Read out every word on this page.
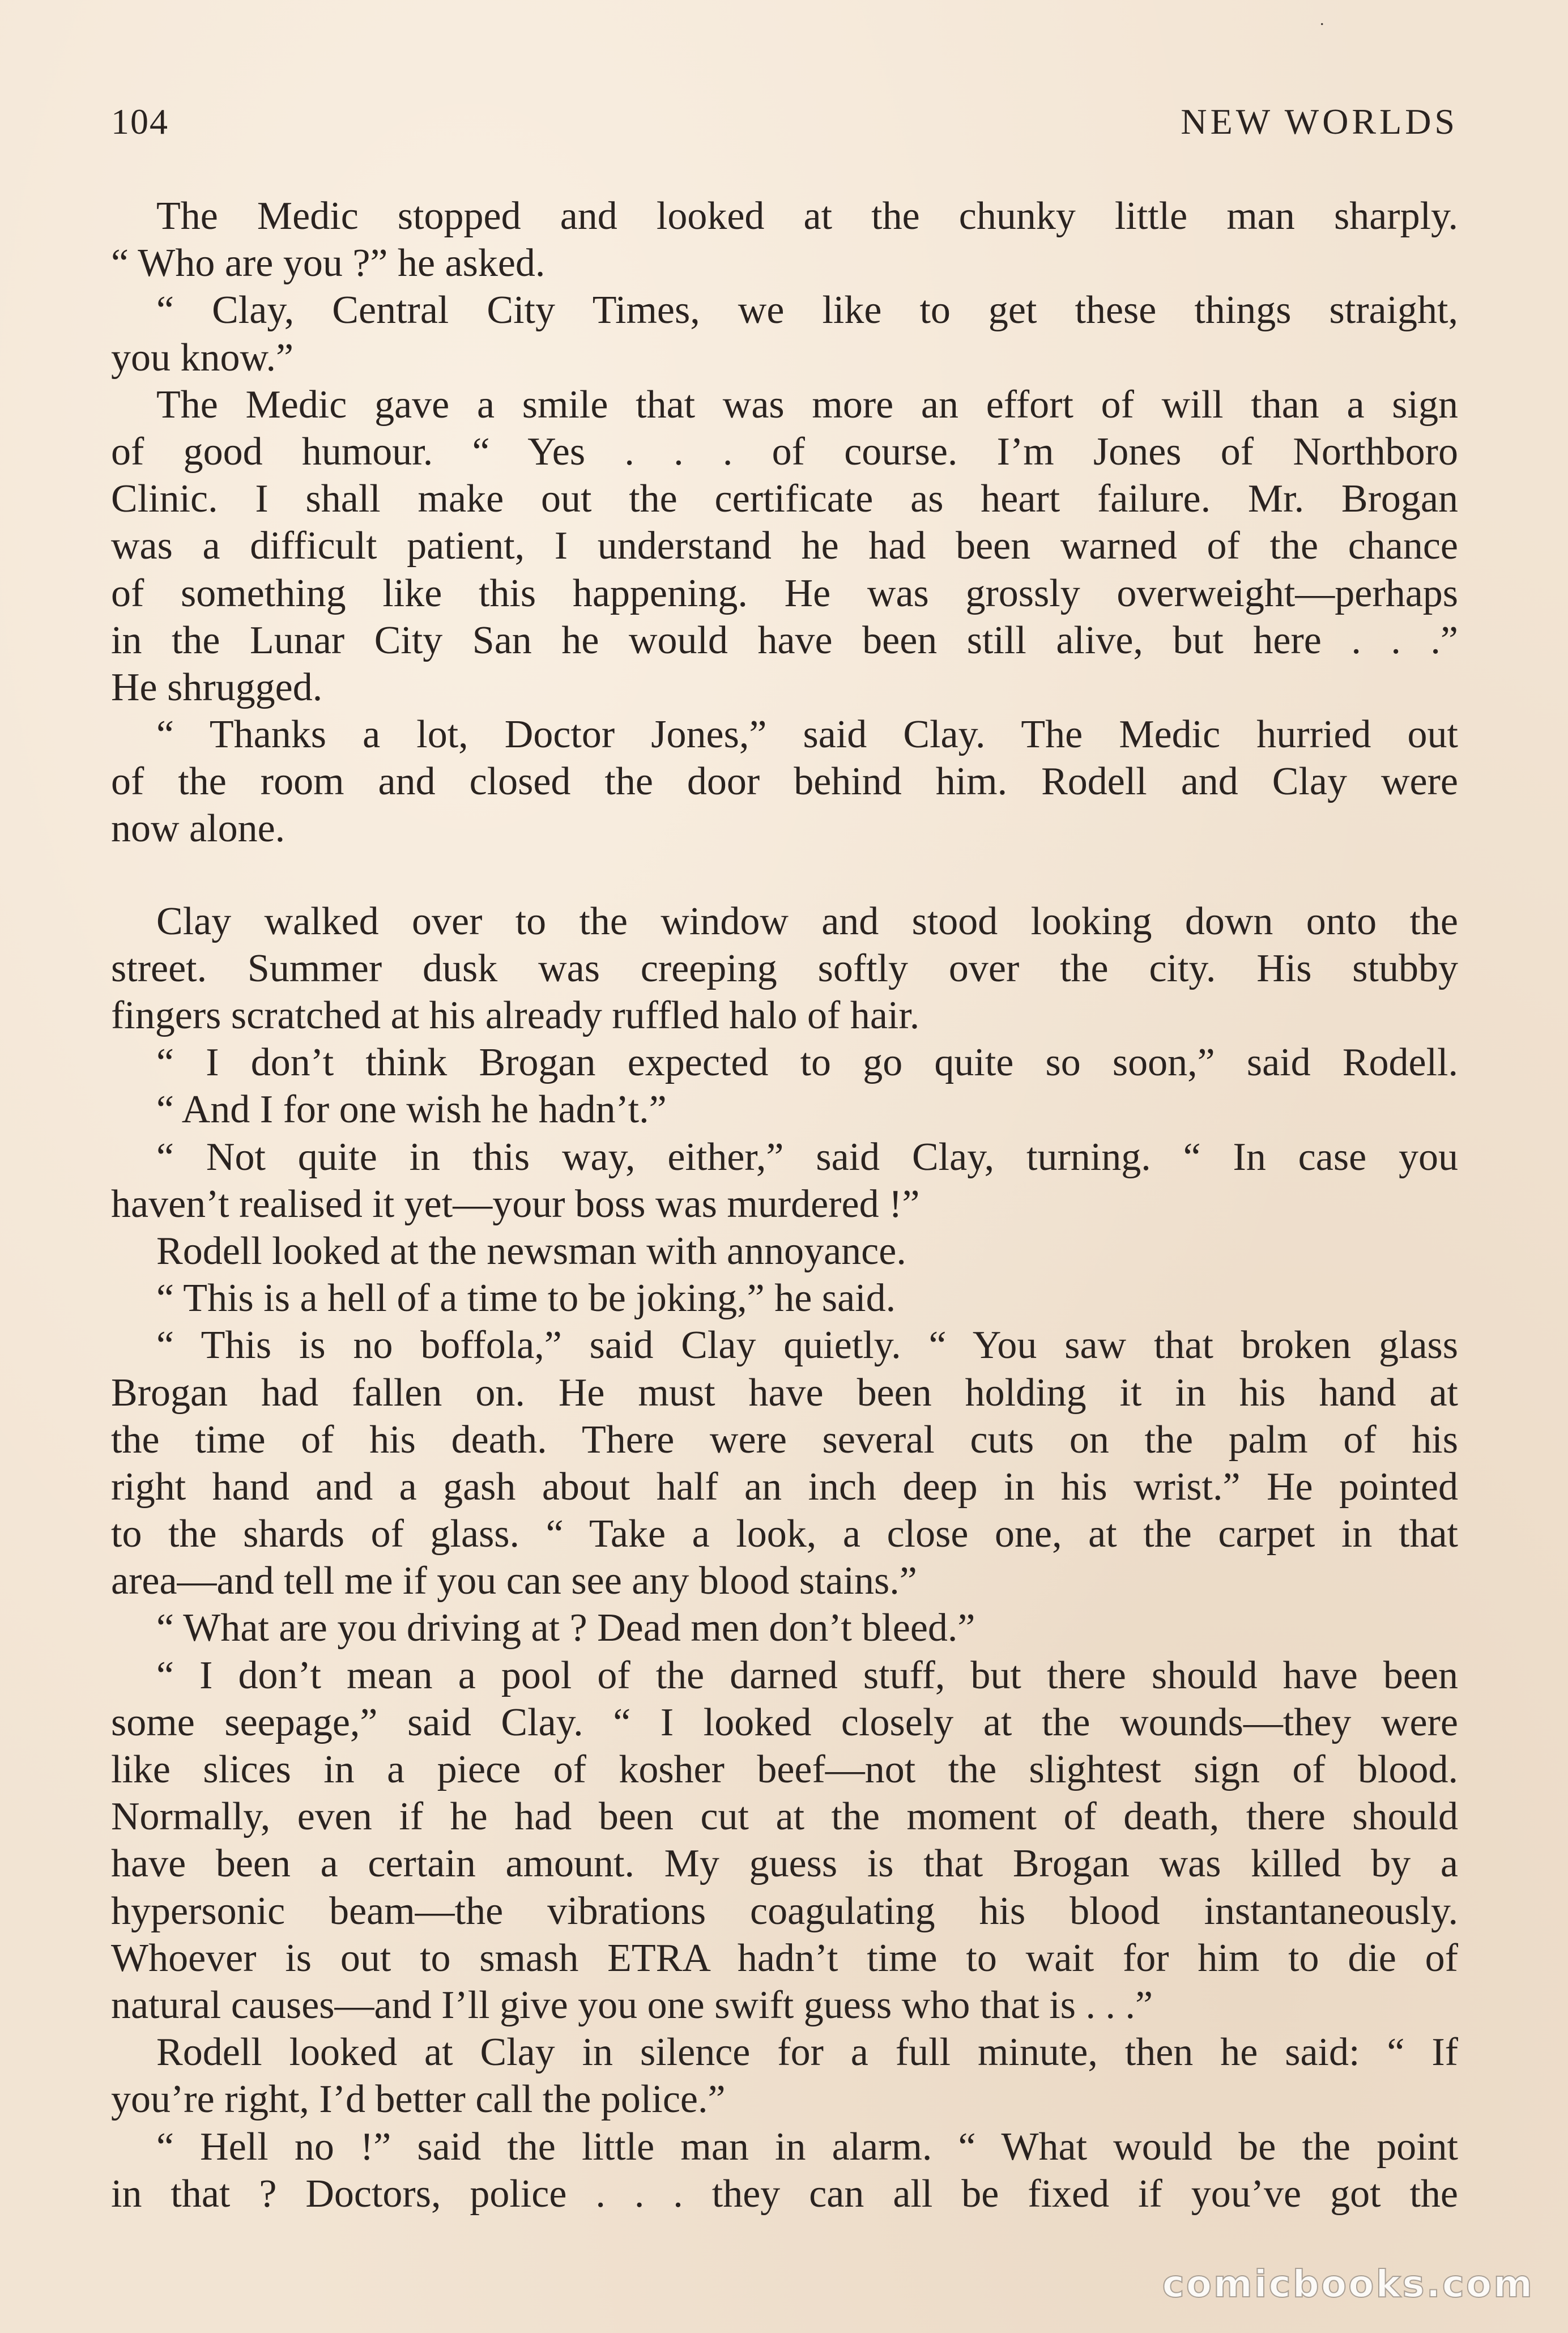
.
104	NEW WORLDS
The Medic stopped and looked at the chunky little man sharply.
“ Who are you ?” he asked.
“ Clay, Central City Times, we like to get these things straight,
you know.”
The Medic gave a smile that was more an effort of will than a sign
of good humour. “ Yes . . . of course. I’m Jones of Northboro
Clinic. I shall make out the certificate as heart failure. Mr. Brogan
was a difficult patient, I understand he had been warned of the chance
of something like this happening. He was grossly overweight—perhaps
in the Lunar City San he would have been still alive, but here . . .”
He shrugged.
“ Thanks a lot, Doctor Jones,” said Clay. The Medic hurried out
of the room and closed the door behind him. Rodell and Clay were
now alone.
Clay walked over to the window and stood looking down onto the
street. Summer dusk was creeping softly over the city. His stubby
fingers scratched at his already ruffled halo of hair.
“ I don’t think Brogan expected to go quite so soon,” said Rodell.
“ And I for one wish he hadn’t.”
“ Not quite in this way, either,” said Clay, turning. “ In case you
haven’t realised it yet—your boss was murdered !”
Rodell looked at the newsman with annoyance.
“ This is a hell of a time to be joking,” he said.
“ This is no boffola,” said Clay quietly. “ You saw that broken glass
Brogan had fallen on. He must have been holding it in his hand at
the time of his death. There were several cuts on the palm of his
right hand and a gash about half an inch deep in his wrist.” He pointed
to the shards of glass. “ Take a look, a close one, at the carpet in that
area—and tell me if you can see any blood stains.”
“ What are you driving at ? Dead men don’t bleed.”
“ I don’t mean a pool of the darned stuff, but there should have been
some seepage,” said Clay. “ I looked closely at the wounds—they were
like slices in a piece of kosher beef—not the slightest sign of blood.
Normally, even if he had been cut at the moment of death, there should
have been a certain amount. My guess is that Brogan was killed by a
hypersonic beam—the vibrations coagulating his blood instantaneously.
Whoever is out to smash ETRA hadn’t time to wait for him to die of
natural causes—and I’ll give you one swift guess who that is . . .”
Rodell looked at Clay in silence for a full minute, then he said: “ If
you’re right, I’d better call the police.”
“ Hell no !” said the little man in alarm. “ What would be the point
in that ? Doctors, police . . . they can all be fixed if you’ve got the
comicbooks.com
